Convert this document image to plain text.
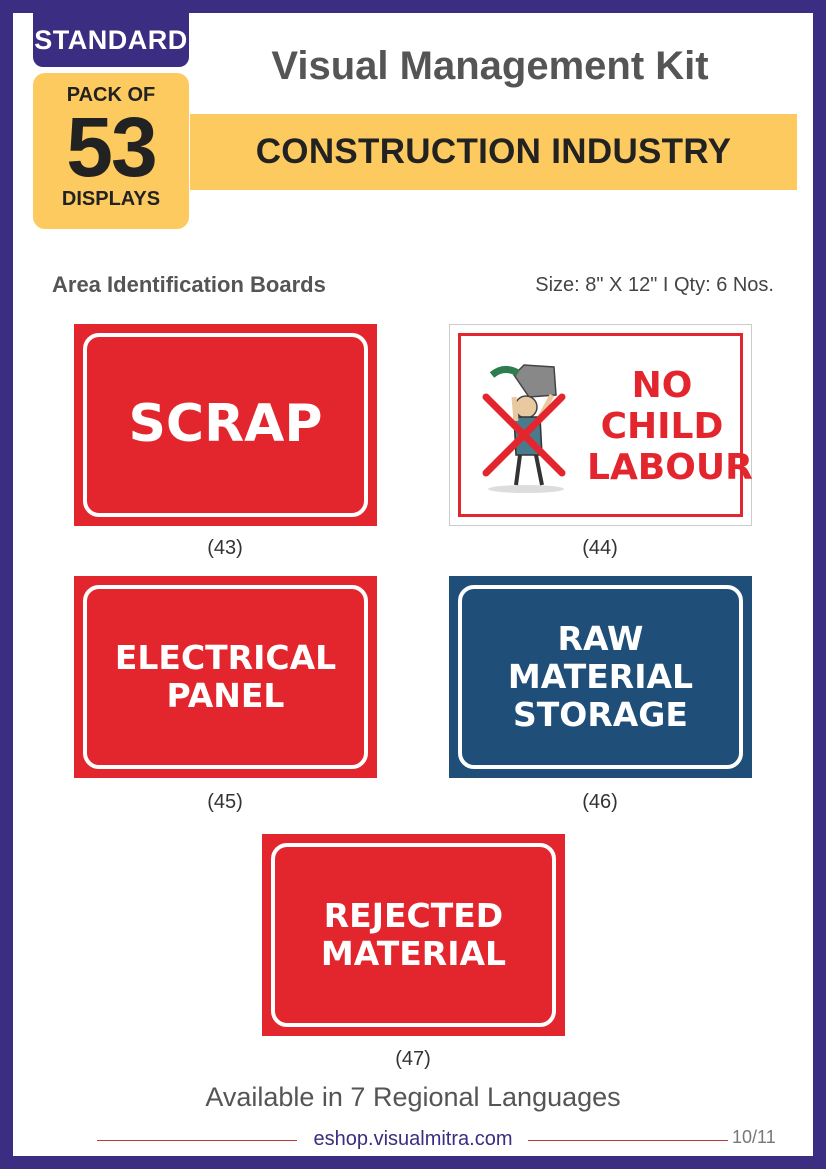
STANDARD
PACK OF
53
DISPLAYS
Visual Management Kit
CONSTRUCTION INDUSTRY
Area Identification Boards	Size: 8" X 12" I Qty: 6 Nos.
SCRAP
(43)
NO
CHILD
LABOUR
(44)
ELECTRICAL
PANEL
(45)
RAW
MATERIAL
STORAGE
(46)
REJECTED
MATERIAL
(47)
Available in 7 Regional Languages
eshop.visualmitra.com	10/11
